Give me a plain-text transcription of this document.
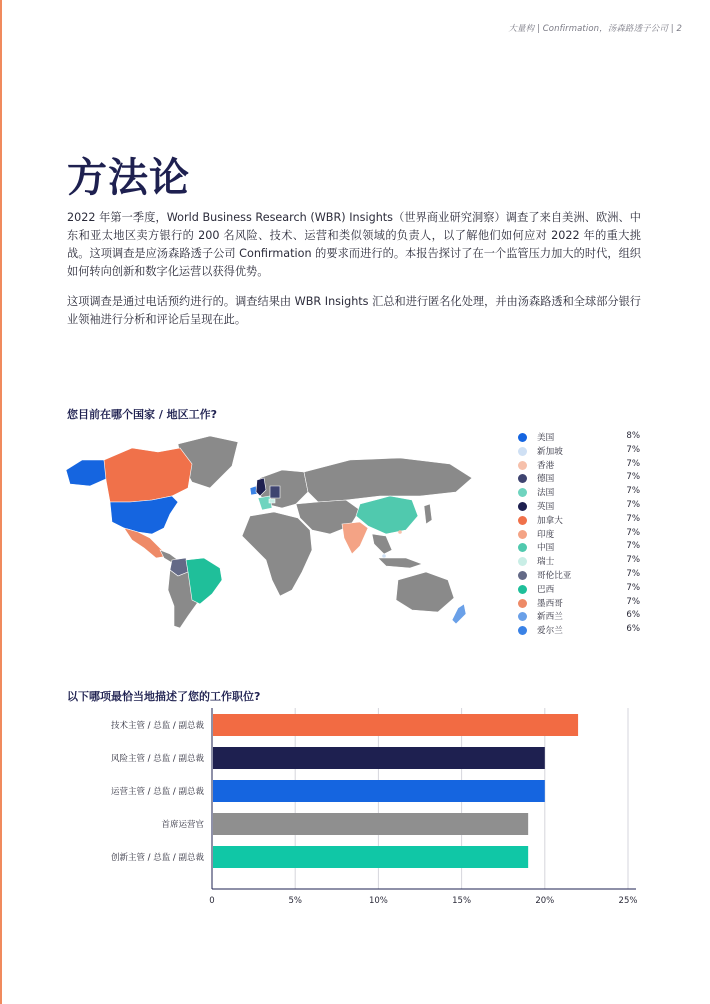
大量构 | Confirmation，汤森路透子公司 | 2
方法论
2022 年第一季度，World Business Research (WBR) Insights（世界商业研究洞察）调查了来自美洲、欧洲、中东和亚太地区卖方银行的 200 名风险、技术、运营和类似领域的负责人，以了解他们如何应对 2022 年的重大挑战。这项调查是应汤森路透子公司 Confirmation 的要求而进行的。本报告探讨了在一个监管压力加大的时代，组织如何转向创新和数字化运营以获得优势。
这项调查是通过电话预约进行的。调查结果由 WBR Insights 汇总和进行匿名化处理，并由汤森路透和全球部分银行业领袖进行分析和评论后呈现在此。
您目前在哪个国家 / 地区工作?
美国	8%
新加坡	7%
香港	7%
德国	7%
法国	7%
英国	7%
加拿大	7%
印度	7%
中国	7%
瑞士	7%
哥伦比亚	7%
巴西	7%
墨西哥	7%
新西兰	6%
爱尔兰	6%
以下哪项最恰当地描述了您的工作职位?
0	5%	10%	15%	20%	25%
技术主管 / 总监 / 副总裁
风险主管 / 总监 / 副总裁
运营主管 / 总监 / 副总裁
首席运营官
创新主管 / 总监 / 副总裁
